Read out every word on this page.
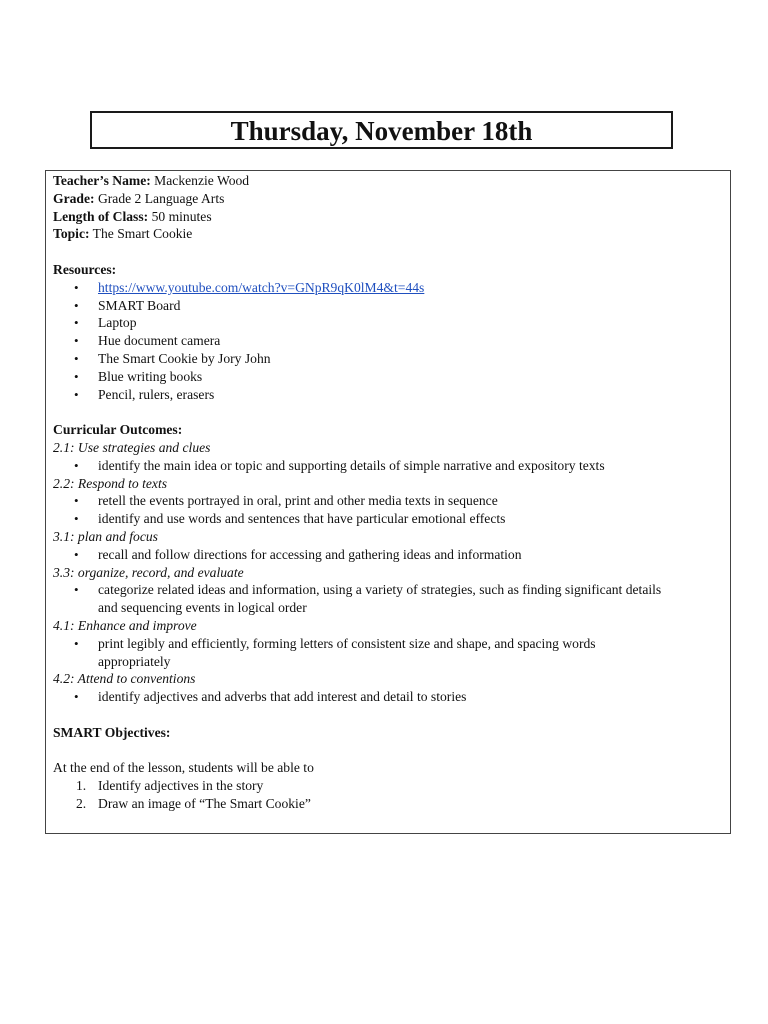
Thursday, November 18th
Teacher’s Name: Mackenzie Wood
Grade: Grade 2 Language Arts
Length of Class: 50 minutes
Topic: The Smart Cookie
Resources:
• https://www.youtube.com/watch?v=GNpR9qK0lM4&t=44s
• SMART Board
• Laptop
• Hue document camera
• The Smart Cookie by Jory John
• Blue writing books
• Pencil, rulers, erasers
Curricular Outcomes:
2.1: Use strategies and clues
• identify the main idea or topic and supporting details of simple narrative and expository texts
2.2: Respond to texts
• retell the events portrayed in oral, print and other media texts in sequence
• identify and use words and sentences that have particular emotional effects
3.1: plan and focus
• recall and follow directions for accessing and gathering ideas and information
3.3: organize, record, and evaluate
• categorize related ideas and information, using a variety of strategies, such as finding significant details
and sequencing events in logical order
4.1: Enhance and improve
• print legibly and efficiently, forming letters of consistent size and shape, and spacing words
appropriately
4.2: Attend to conventions
• identify adjectives and adverbs that add interest and detail to stories
SMART Objectives:
At the end of the lesson, students will be able to
1. Identify adjectives in the story
2. Draw an image of “The Smart Cookie”
